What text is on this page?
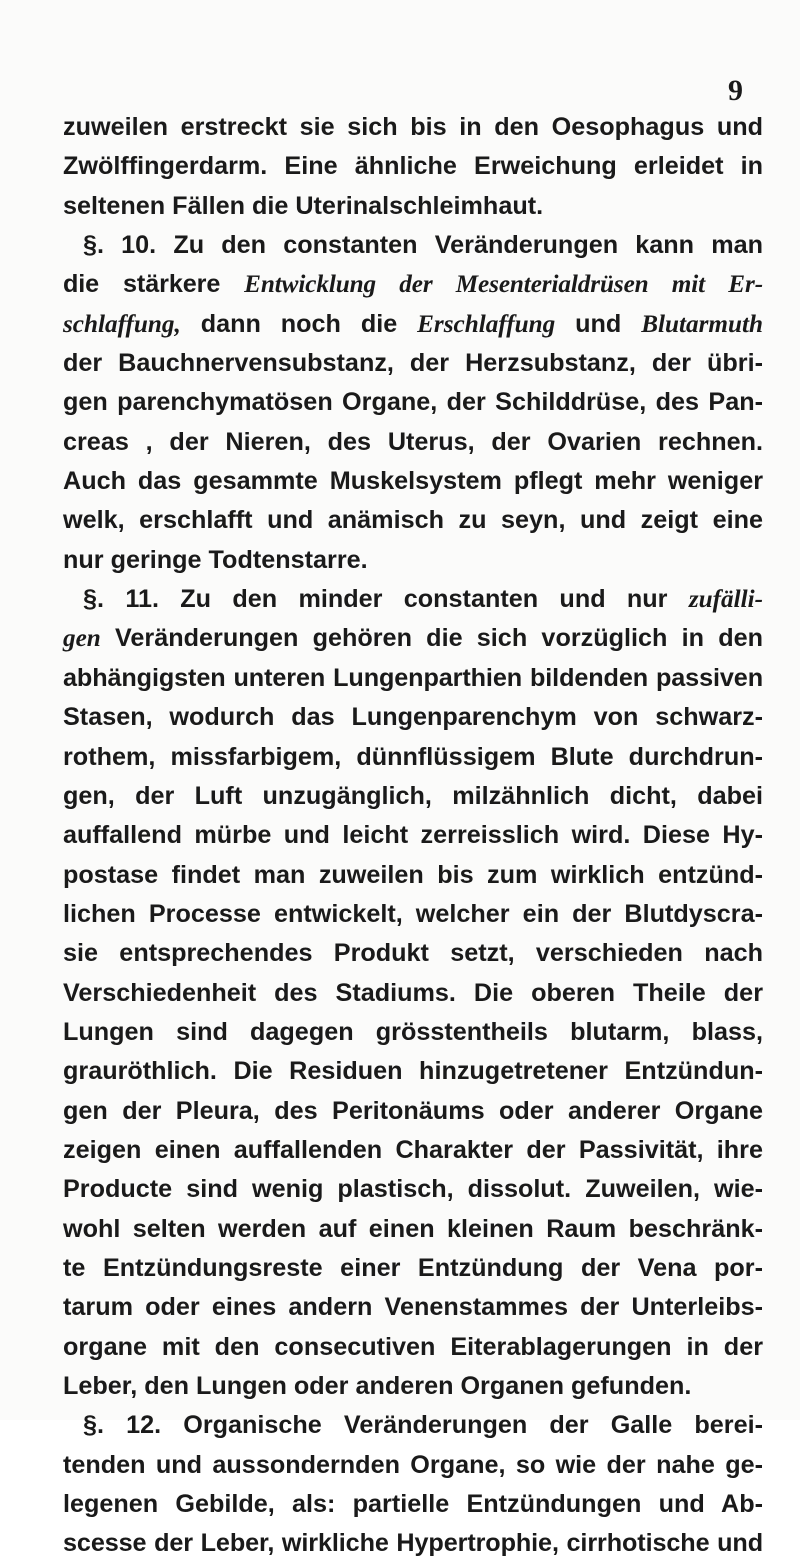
9
zuweilen erstreckt sie sich bis in den Oesophagus und
Zwölffingerdarm. Eine ähnliche Erweichung erleidet in
seltenen Fällen die Uterinalschleimhaut.
§. 10. Zu den constanten Veränderungen kann man
die stärkere Entwicklung der Mesenterialdrüsen mit Er-
schlaffung, dann noch die Erschlaffung und Blutarmuth
der Bauchnervensubstanz, der Herzsubstanz, der übri-
gen parenchymatösen Organe, der Schilddrüse, des Pan-
creas , der Nieren, des Uterus, der Ovarien rechnen.
Auch das gesammte Muskelsystem pflegt mehr weniger
welk, erschlafft und anämisch zu seyn, und zeigt eine
nur geringe Todtenstarre.
§. 11. Zu den minder constanten und nur zufälli-
gen Veränderungen gehören die sich vorzüglich in den
abhängigsten unteren Lungenparthien bildenden passiven
Stasen, wodurch das Lungenparenchym von schwarz-
rothem, missfarbigem, dünnflüssigem Blute durchdrun-
gen, der Luft unzugänglich, milzähnlich dicht, dabei
auffallend mürbe und leicht zerreisslich wird. Diese Hy-
postase findet man zuweilen bis zum wirklich entzünd-
lichen Processe entwickelt, welcher ein der Blutdyscra-
sie entsprechendes Produkt setzt, verschieden nach
Verschiedenheit des Stadiums. Die oberen Theile der
Lungen sind dagegen grösstentheils blutarm, blass,
grauröthlich. Die Residuen hinzugetretener Entzündun-
gen der Pleura, des Peritonäums oder anderer Organe
zeigen einen auffallenden Charakter der Passivität, ihre
Producte sind wenig plastisch, dissolut. Zuweilen, wie-
wohl selten werden auf einen kleinen Raum beschränk-
te Entzündungsreste einer Entzündung der Vena por-
tarum oder eines andern Venenstammes der Unterleibs-
organe mit den consecutiven Eiterablagerungen in der
Leber, den Lungen oder anderen Organen gefunden.
§. 12. Organische Veränderungen der Galle berei-
tenden und aussondernden Organe, so wie der nahe ge-
legenen Gebilde, als: partielle Entzündungen und Ab-
scesse der Leber, wirkliche Hypertrophie, cirrhotische und
